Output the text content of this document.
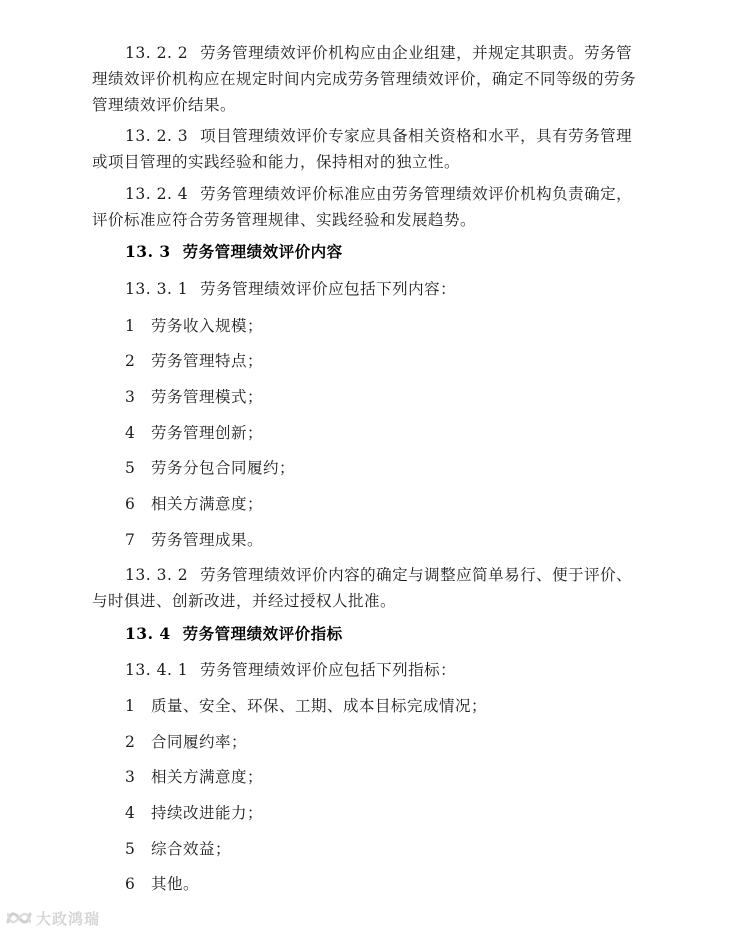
13. 2. 2 劳务管理绩效评价机构应由企业组建，并规定其职责。劳务管理绩效评价机构应在规定时间内完成劳务管理绩效评价，确定不同等级的劳务管理绩效评价结果。

13. 2. 3 项目管理绩效评价专家应具备相关资格和水平，具有劳务管理或项目管理的实践经验和能力，保持相对的独立性。

13. 2. 4 劳务管理绩效评价标准应由劳务管理绩效评价机构负责确定，评价标准应符合劳务管理规律、实践经验和发展趋势。

13. 3 劳务管理绩效评价内容

13. 3. 1 劳务管理绩效评价应包括下列内容：

1 劳务收入规模；
2 劳务管理特点；
3 劳务管理模式；
4 劳务管理创新；
5 劳务分包合同履约；
6 相关方满意度；
7 劳务管理成果。

13. 3. 2 劳务管理绩效评价内容的确定与调整应简单易行、便于评价、与时俱进、创新改进，并经过授权人批准。

13. 4 劳务管理绩效评价指标

13. 4. 1 劳务管理绩效评价应包括下列指标：

1 质量、安全、环保、工期、成本目标完成情况；
2 合同履约率；
3 相关方满意度；
4 持续改进能力；
5 综合效益；
6 其他。
大政鸿瑞
